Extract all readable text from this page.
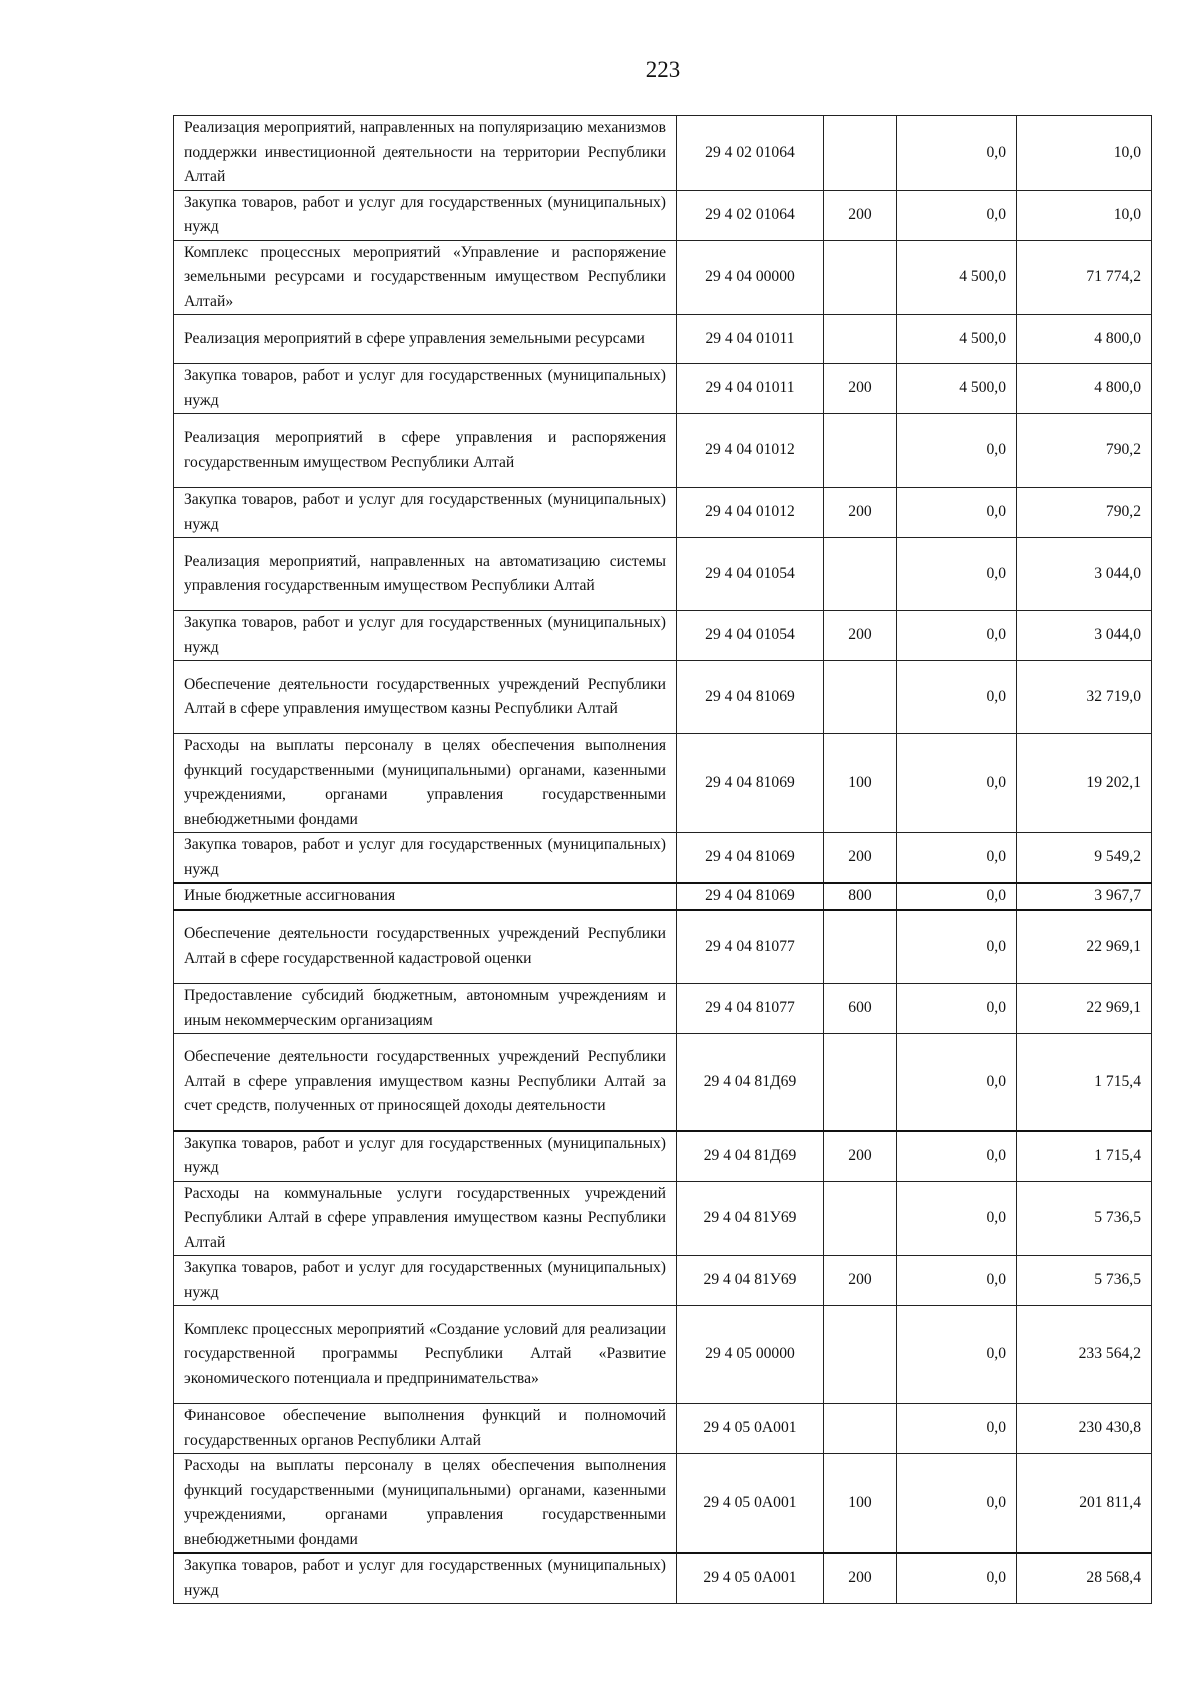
223
Реализация мероприятий, направленных на популяризацию механизмов поддержки инвестиционной деятельности на территории Республики Алтай	29 4 02 01064		0,0	10,0
Закупка товаров, работ и услуг для государственных (муниципальных) нужд	29 4 02 01064	200	0,0	10,0
Комплекс процессных мероприятий «Управление и распоряжение земельными ресурсами и государственным имуществом Республики Алтай»	29 4 04 00000		4 500,0	71 774,2
Реализация мероприятий в сфере управления земельными ресурсами	29 4 04 01011		4 500,0	4 800,0
Закупка товаров, работ и услуг для государственных (муниципальных) нужд	29 4 04 01011	200	4 500,0	4 800,0
Реализация мероприятий в сфере управления и распоряжения государственным имуществом Республики Алтай	29 4 04 01012		0,0	790,2
Закупка товаров, работ и услуг для государственных (муниципальных) нужд	29 4 04 01012	200	0,0	790,2
Реализация мероприятий, направленных на автоматизацию системы управления государственным имуществом Республики Алтай	29 4 04 01054		0,0	3 044,0
Закупка товаров, работ и услуг для государственных (муниципальных) нужд	29 4 04 01054	200	0,0	3 044,0
Обеспечение деятельности государственных учреждений Республики Алтай в сфере управления имуществом казны Республики Алтай	29 4 04 81069		0,0	32 719,0
Расходы на выплаты персоналу в целях обеспечения выполнения функций государственными (муниципальными) органами, казенными учреждениями, органами управления государственными внебюджетными фондами	29 4 04 81069	100	0,0	19 202,1
Закупка товаров, работ и услуг для государственных (муниципальных) нужд	29 4 04 81069	200	0,0	9 549,2
Иные бюджетные ассигнования	29 4 04 81069	800	0,0	3 967,7
Обеспечение деятельности государственных учреждений Республики Алтай в сфере государственной кадастровой оценки	29 4 04 81077		0,0	22 969,1
Предоставление субсидий бюджетным, автономным учреждениям и иным некоммерческим организациям	29 4 04 81077	600	0,0	22 969,1
Обеспечение деятельности государственных учреждений Республики Алтай в сфере управления имуществом казны Республики Алтай за счет средств, полученных от приносящей доходы деятельности	29 4 04 81Д69		0,0	1 715,4
Закупка товаров, работ и услуг для государственных (муниципальных) нужд	29 4 04 81Д69	200	0,0	1 715,4
Расходы на коммунальные услуги государственных учреждений Республики Алтай в сфере управления имуществом казны Республики Алтай	29 4 04 81У69		0,0	5 736,5
Закупка товаров, работ и услуг для государственных (муниципальных) нужд	29 4 04 81У69	200	0,0	5 736,5
Комплекс процессных мероприятий «Создание условий для реализации государственной программы Республики Алтай «Развитие экономического потенциала и предпринимательства»	29 4 05 00000		0,0	233 564,2
Финансовое обеспечение выполнения функций и полномочий государственных органов Республики Алтай	29 4 05 0А001		0,0	230 430,8
Расходы на выплаты персоналу в целях обеспечения выполнения функций государственными (муниципальными) органами, казенными учреждениями, органами управления государственными внебюджетными фондами	29 4 05 0А001	100	0,0	201 811,4
Закупка товаров, работ и услуг для государственных (муниципальных) нужд	29 4 05 0А001	200	0,0	28 568,4
